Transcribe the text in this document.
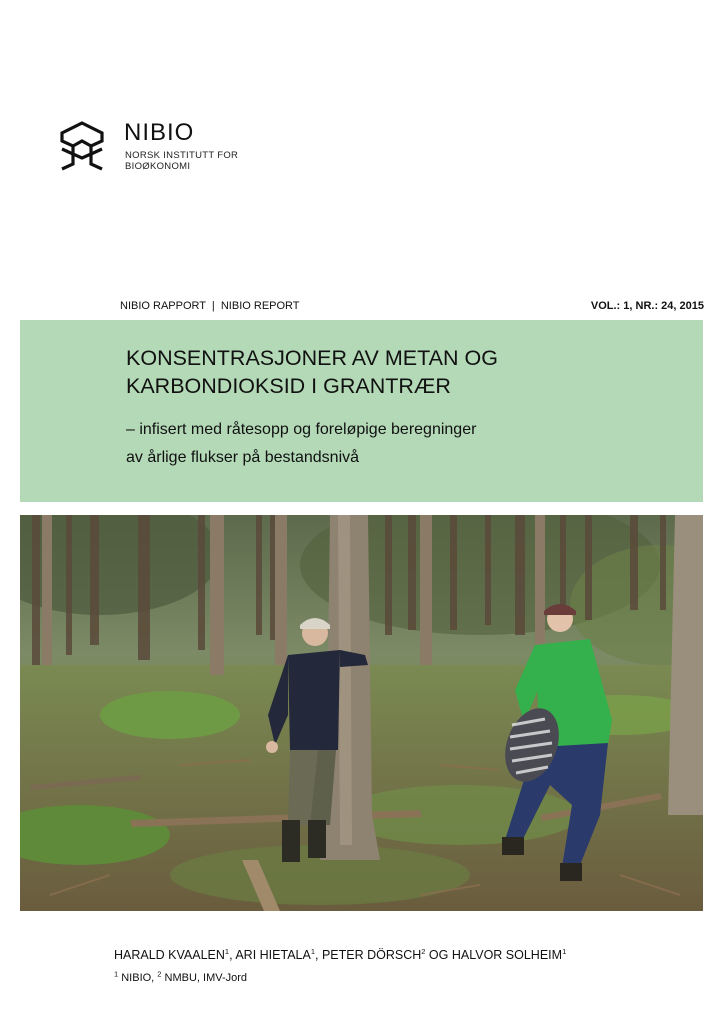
NIBIO
NORSK INSTITUTT FOR
BIOØKONOMI
NIBIO RAPPORT  |  NIBIO REPORT	VOL.: 1, NR.: 24, 2015
KONSENTRASJONER AV METAN OG
KARBONDIOKSID I GRANTRÆR
– infisert med råtesopp og foreløpige beregninger
av årlige flukser på bestandsnivå
HARALD KVAALEN$^1$, ARI HIETALA$^1$, PETER DÖRSCH$^2$ OG HALVOR SOLHEIM$^1$
$^1$ NIBIO, $^2$ NMBU, IMV-Jord
